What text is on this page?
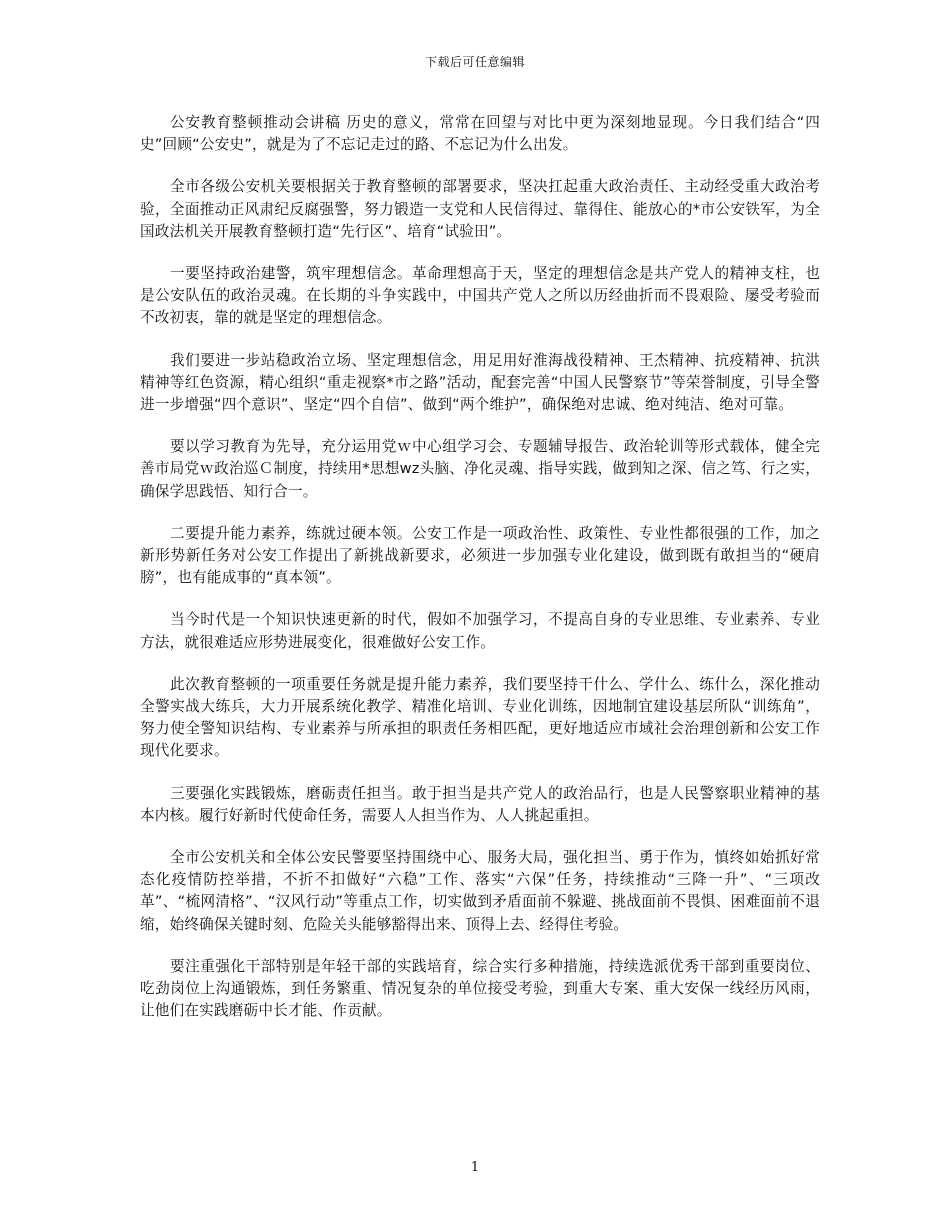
下载后可任意编辑

公安教育整顿推动会讲稿 历史的意义，常常在回望与对比中更为深刻地显现。今日我们结合“四史”回顾“公安史”，就是为了不忘记走过的路、不忘记为什么出发。

全市各级公安机关要根据关于教育整顿的部署要求，坚决扛起重大政治责任、主动经受重大政治考验，全面推动正风肃纪反腐强警，努力锻造一支党和人民信得过、靠得住、能放心的*市公安铁军，为全国政法机关开展教育整顿打造“先行区”、培育“试验田”。

一要坚持政治建警，筑牢理想信念。革命理想高于天，坚定的理想信念是共产党人的精神支柱，也是公安队伍的政治灵魂。在长期的斗争实践中，中国共产党人之所以历经曲折而不畏艰险、屡受考验而不改初衷，靠的就是坚定的理想信念。

我们要进一步站稳政治立场、坚定理想信念，用足用好淮海战役精神、王杰精神、抗疫精神、抗洪精神等红色资源，精心组织“重走视察*市之路”活动，配套完善“中国人民警察节”等荣誉制度，引导全警进一步增强“四个意识”、坚定“四个自信”、做到“两个维护”，确保绝对忠诚、绝对纯洁、绝对可靠。

要以学习教育为先导，充分运用党ｗ中心组学习会、专题辅导报告、政治轮训等形式载体，健全完善市局党ｗ政治巡Ｃ制度，持续用*思想wz头脑、净化灵魂、指导实践，做到知之深、信之笃、行之实，确保学思践悟、知行合一。

二要提升能力素养，练就过硬本领。公安工作是一项政治性、政策性、专业性都很强的工作，加之新形势新任务对公安工作提出了新挑战新要求，必须进一步加强专业化建设，做到既有敢担当的“硬肩膀”，也有能成事的“真本领”。

当今时代是一个知识快速更新的时代，假如不加强学习，不提高自身的专业思维、专业素养、专业方法，就很难适应形势进展变化，很难做好公安工作。

此次教育整顿的一项重要任务就是提升能力素养，我们要坚持干什么、学什么、练什么，深化推动全警实战大练兵，大力开展系统化教学、精准化培训、专业化训练，因地制宜建设基层所队“训练角”，努力使全警知识结构、专业素养与所承担的职责任务相匹配，更好地适应市域社会治理创新和公安工作现代化要求。

三要强化实践锻炼，磨砺责任担当。敢于担当是共产党人的政治品行，也是人民警察职业精神的基本内核。履行好新时代使命任务，需要人人担当作为、人人挑起重担。

全市公安机关和全体公安民警要坚持围绕中心、服务大局，强化担当、勇于作为，慎终如始抓好常态化疫情防控举措，不折不扣做好“六稳”工作、落实“六保”任务，持续推动“三降一升”、“三项改革”、“梳网清格”、“汉风行动”等重点工作，切实做到矛盾面前不躲避、挑战面前不畏惧、困难面前不退缩，始终确保关键时刻、危险关头能够豁得出来、顶得上去、经得住考验。

要注重强化干部特别是年轻干部的实践培育，综合实行多种措施，持续选派优秀干部到重要岗位、吃劲岗位上沟通锻炼，到任务繁重、情况复杂的单位接受考验，到重大专案、重大安保一线经历风雨，让他们在实践磨砺中长才能、作贡献。

1
